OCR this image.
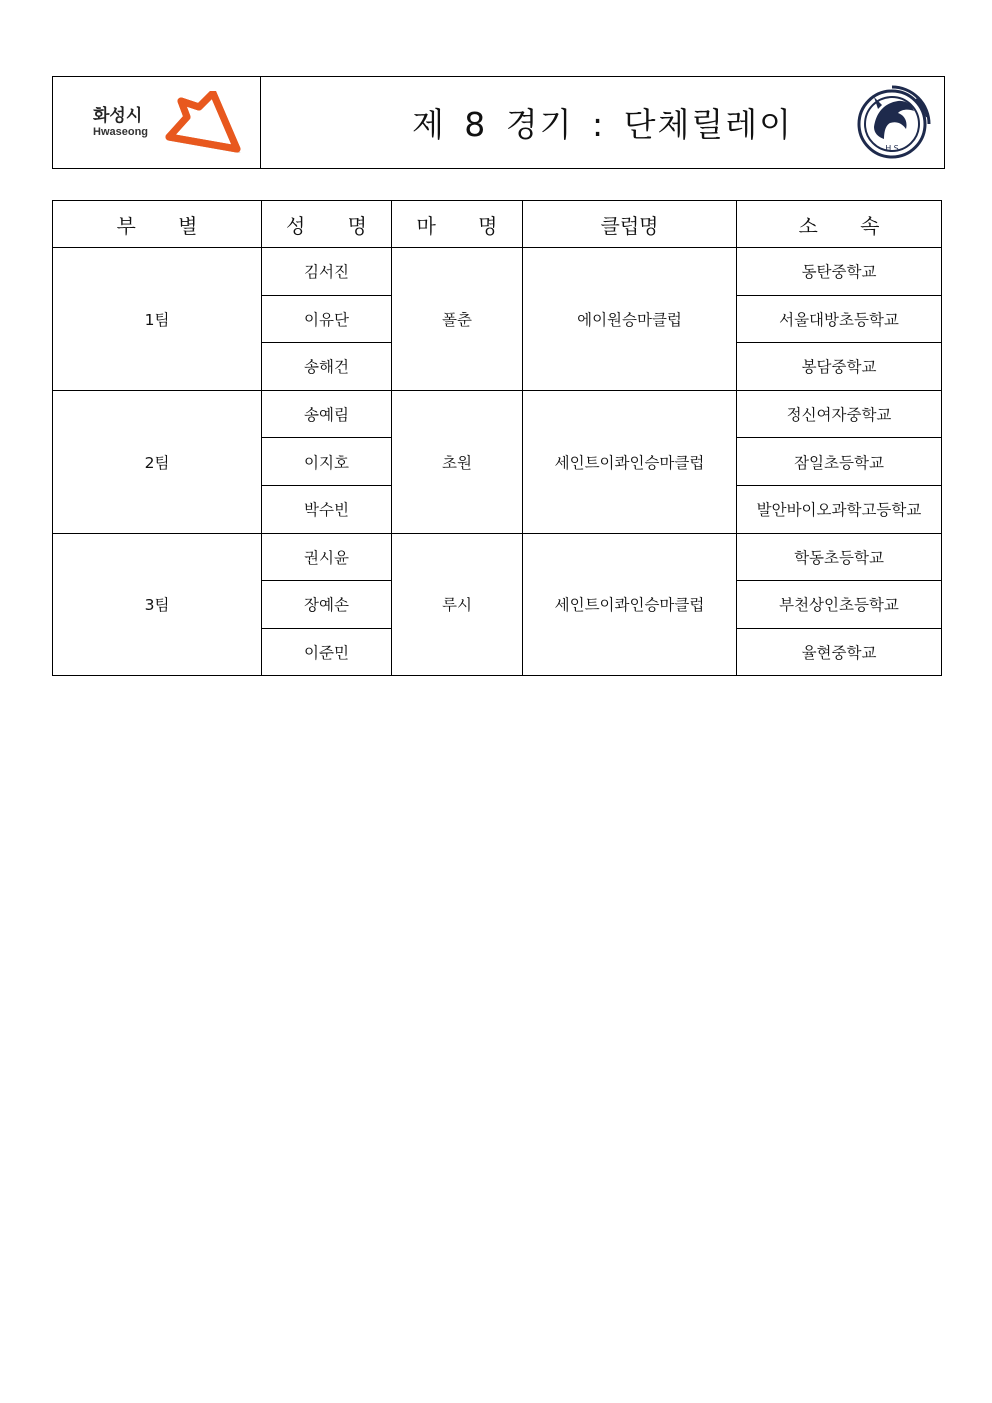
화성시
Hwaseong	제 8 경기 : 단체릴레이
H.S
부 별	성 명	마 명	클럽명	소 속
1팀	김서진	폴춘	에이원승마클럽	동탄중학교
	이유단			서울대방초등학교
	송해건			봉담중학교
2팀	송예림	초원	세인트이콰인승마클럽	정신여자중학교
	이지호			잠일초등학교
	박수빈			발안바이오과학고등학교
3팀	권시윤	루시	세인트이콰인승마클럽	학동초등학교
	장예손			부천상인초등학교
	이준민			율현중학교
